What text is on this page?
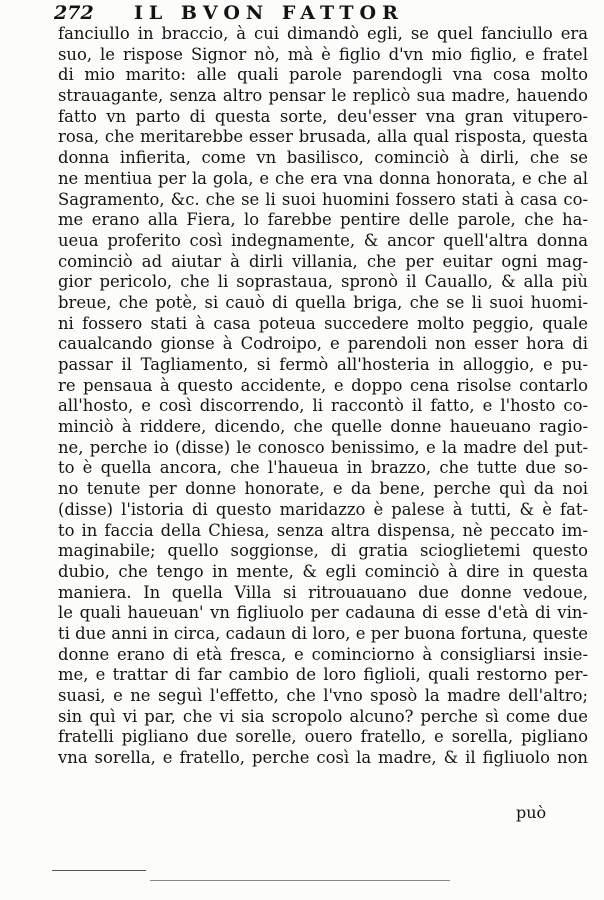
272 IL BVON FATTOR
fanciullo in braccio, à cui dimandò egli, se quel fanciullo era
suo, le rispose Signor nò, mà è figlio d'vn mio figlio, e fratel
di mio marito: alle quali parole parendogli vna cosa molto
strauagante, senza altro pensar le replicò sua madre, hauendo
fatto vn parto di questa sorte, deu'esser vna gran vitupero-
rosa, che meritarebbe esser brusada, alla qual risposta, questa
donna infierita, come vn basilisco, cominciò à dirli, che se
ne mentiua per la gola, e che era vna donna honorata, e che al
Sagramento, &c. che se li suoi huomini fossero stati à casa co-
me erano alla Fiera, lo farebbe pentire delle parole, che ha-
ueua proferito così indegnamente, & ancor quell'altra donna
cominciò ad aiutar à dirli villania, che per euitar ogni mag-
gior pericolo, che li soprastaua, spronò il Cauallo, & alla più
breue, che potè, si cauò di quella briga, che se li suoi huomi-
ni fossero stati à casa poteua succedere molto peggio, quale
caualcando gionse à Codroipo, e parendoli non esser hora di
passar il Tagliamento, si fermò all'hosteria in alloggio, e pu-
re pensaua à questo accidente, e doppo cena risolse contarlo
all'hosto, e così discorrendo, li raccontò il fatto, e l'hosto co-
minciò à riddere, dicendo, che quelle donne haueuano ragio-
ne, perche io (disse) le conosco benissimo, e la madre del put-
to è quella ancora, che l'haueua in brazzo, che tutte due so-
no tenute per donne honorate, e da bene, perche quì da noi
(disse) l'istoria di questo maridazzo è palese à tutti, & è fat-
to in faccia della Chiesa, senza altra dispensa, nè peccato im-
maginabile; quello soggionse, di gratia scioglietemi questo
dubio, che tengo in mente, & egli cominciò à dire in questa
maniera. In quella Villa si ritrouauano due donne vedoue,
le quali haueuan' vn figliuolo per cadauna di esse d'età di vin-
ti due anni in circa, cadaun di loro, e per buona fortuna, queste
donne erano di età fresca, e cominciorno à consigliarsi insie-
me, e trattar di far cambio de loro figlioli, quali restorno per-
suasi, e ne seguì l'effetto, che l'vno sposò la madre dell'altro;
sin quì vi par, che vi sia scropolo alcuno? perche sì come due
fratelli pigliano due sorelle, ouero fratello, e sorella, pigliano
vna sorella, e fratello, perche così la madre, & il figliuolo non
può
